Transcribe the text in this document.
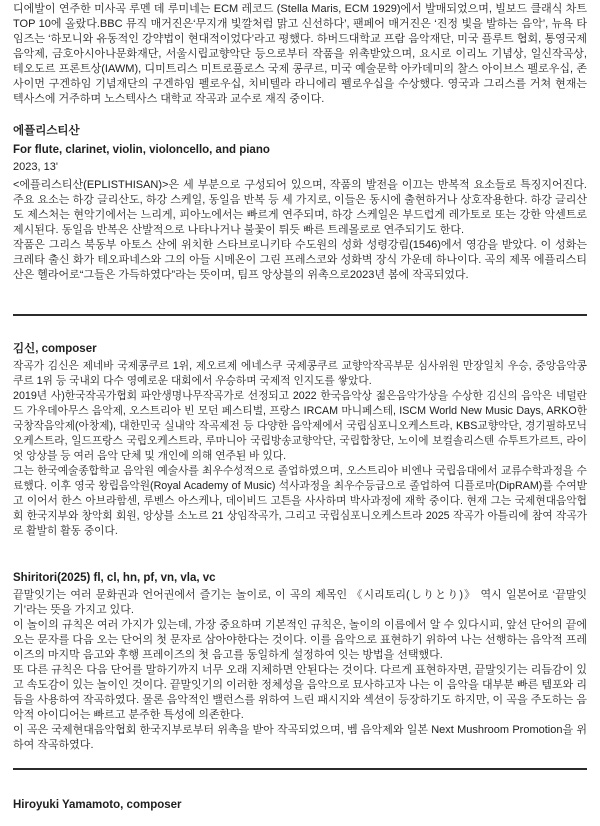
디에발이 연주한 미사곡 루멘 데 루미네는 ECM 레코드 (Stella Maris, ECM 1929)에서 발매되었으며, 빌보드 클래식 차트 TOP 10에 올랐다.BBC 뮤직 매거진은‘무지개 빛깔처럼 맑고 신선하다’, 팬페어 매거진은 ‘진정 빛을 발하는 음악’, 뉴욕 타임즈는 ‘하모니와 유동적인 강약법이 현대적이었다’라고 평했다. 하버드대학교 프람 음악재단, 미국 플루트 협회, 통영국제음악제, 금호아시아나문화재단, 서울시립교향악단 등으로부터 작품을 위촉받았으며, 요시로 이리노 기념상, 일신작곡상, 테오도르 프론트상(IAWM), 디미트리스 미트로풀로스 국제 콩쿠르, 미국 예술문학 아카데미의 찰스 아이브스 펠로우십, 존 사이먼 구겐하임 기념재단의 구겐하임 펠로우십, 치비텔라 라니에리 펠로우십을 수상했다. 영국과 그리스를 거쳐 현재는 텍사스에 거주하며 노스텍사스 대학교 작곡과 교수로 재직 중이다.

에플리스티산
For flute, clarinet, violin, violoncello, and piano
2023, 13'

<에플리스티산(EPLISTHISAN)>은 세 부분으로 구성되어 있으며, 작품의 발전을 이끄는 반복적 요소들로 특징지어진다. 주요 요소는 하강 글리산도, 하강 스케일, 동일음 반복 등 세 가지로, 이들은 동시에 출현하거나 상호작용한다. 하강 글리산도 제스처는 현악기에서는 느리게, 피아노에서는 빠르게 연주되며, 하강 스케일은 부드럽게 레가토로 또는 강한 악센트로 제시된다. 동일음 반복은 산발적으로 나타나거나 불꽃이 튀듯 빠른 트레몰로로 연주되기도 한다.

작품은 그리스 북동부 아토스 산에 위치한 스타브로니키타 수도원의 성화 성령강림(1546)에서 영감을 받았다. 이 성화는 크레타 출신 화가 테오파네스와 그의 아들 시메온이 그린 프레스코와 성화벽 장식 가운데 하나이다. 곡의 제목 에플리스티산은 헬라어로“그들은 가득하였다”라는 뜻이며, 팀프 앙상블의 위촉으로2023년 봄에 작곡되었다.

김신, composer

작곡가 김신은 제네바 국제콩쿠르 1위, 제오르제 에네스쿠 국제콩쿠르 교향악작곡부문 심사위원 만장일치 우승, 중앙음악콩쿠르 1위 등 국내외 다수 영예로운 대회에서 우승하며 국제적 인지도를 쌓았다.

2019년 사)한국작곡가협회 파안생명나무작곡가로 선정되고 2022 한국음악상 젊은음악가상을 수상한 김신의 음악은 네덜란드 가우데아무스 음악제, 오스트리아 빈 모던 페스티벌, 프랑스 IRCAM 마니페스테, ISCM World New Music Days, ARKO한국창작음악제(아창제), 대한민국 실내악 작곡제전 등 다양한 음악제에서 국립심포니오케스트라, KBS교향악단, 경기필하모닉오케스트라, 일드프랑스 국립오케스트라, 루마니아 국립방송교향악단, 국립합창단, 노이에 보컬솔리스텐 슈투트가르트, 라이엇 앙상블 등 여러 음악 단체 및 개인에 의해 연주된 바 있다.

그는 한국예술종합학교 음악원 예술사를 최우수성적으로 졸업하였으며, 오스트리아 비엔나 국립음대에서 교류수학과정을 수료했다. 이후 영국 왕립음악원(Royal Academy of Music) 석사과정을 최우수등급으로 졸업하여 디플로마(DipRAM)를 수여받고 이어서 한스 아브라함센, 루벤스 아스케나, 데이비드 고튼을 사사하며 박사과정에 재학 중이다. 현재 그는 국제현대음악협회 한국지부와 창악회 회원, 앙상블 소노르 21 상임작곡가, 그리고 국립심포니오케스트라 2025 작곡가 아틀리에 참여 작곡가로 활발히 활동 중이다.

Shiritori(2025) fl, cl, hn, pf, vn, vla, vc

끝말잇기는 여러 문화권과 언어권에서 즐기는 놀이로, 이 곡의 제목인 《시리토리(しりとり)》 역시 일본어로 ‘끝말잇기’라는 뜻을 가지고 있다.

이 놀이의 규칙은 여러 가지가 있는데, 가장 중요하며 기본적인 규칙은, 놀이의 이름에서 알 수 있다시피, 앞선 단어의 끝에 오는 문자를 다음 오는 단어의 첫 문자로 삼아야한다는 것이다. 이를 음악으로 표현하기 위하여 나는 선행하는 음악적 프레이즈의 마지막 음고와 후행 프레이즈의 첫 음고를 동일하게 설정하여 잇는 방법을 선택했다.

또 다른 규칙은 다음 단어를 말하기까지 너무 오래 지체하면 안된다는 것이다. 다르게 표현하자면, 끝말잇기는 리듬감이 있고 속도감이 있는 놀이인 것이다. 끝말잇기의 이러한 정체성을 음악으로 묘사하고자 나는 이 음악을 대부분 빠른 템포와 리듬을 사용하여 작곡하였다. 물론 음악적인 밸런스를 위하여 느린 패시지와 섹션이 등장하기도 하지만, 이 곡을 주도하는 음악적 아이디어는 빠르고 분주한 특성에 의존한다.

이 곡은 국제현대음악협회 한국지부로부터 위촉을 받아 작곡되었으며, 벰 음악제와 일본 Next Mushroom Promotion을 위하여 작곡하였다.

Hiroyuki Yamamoto, composer
